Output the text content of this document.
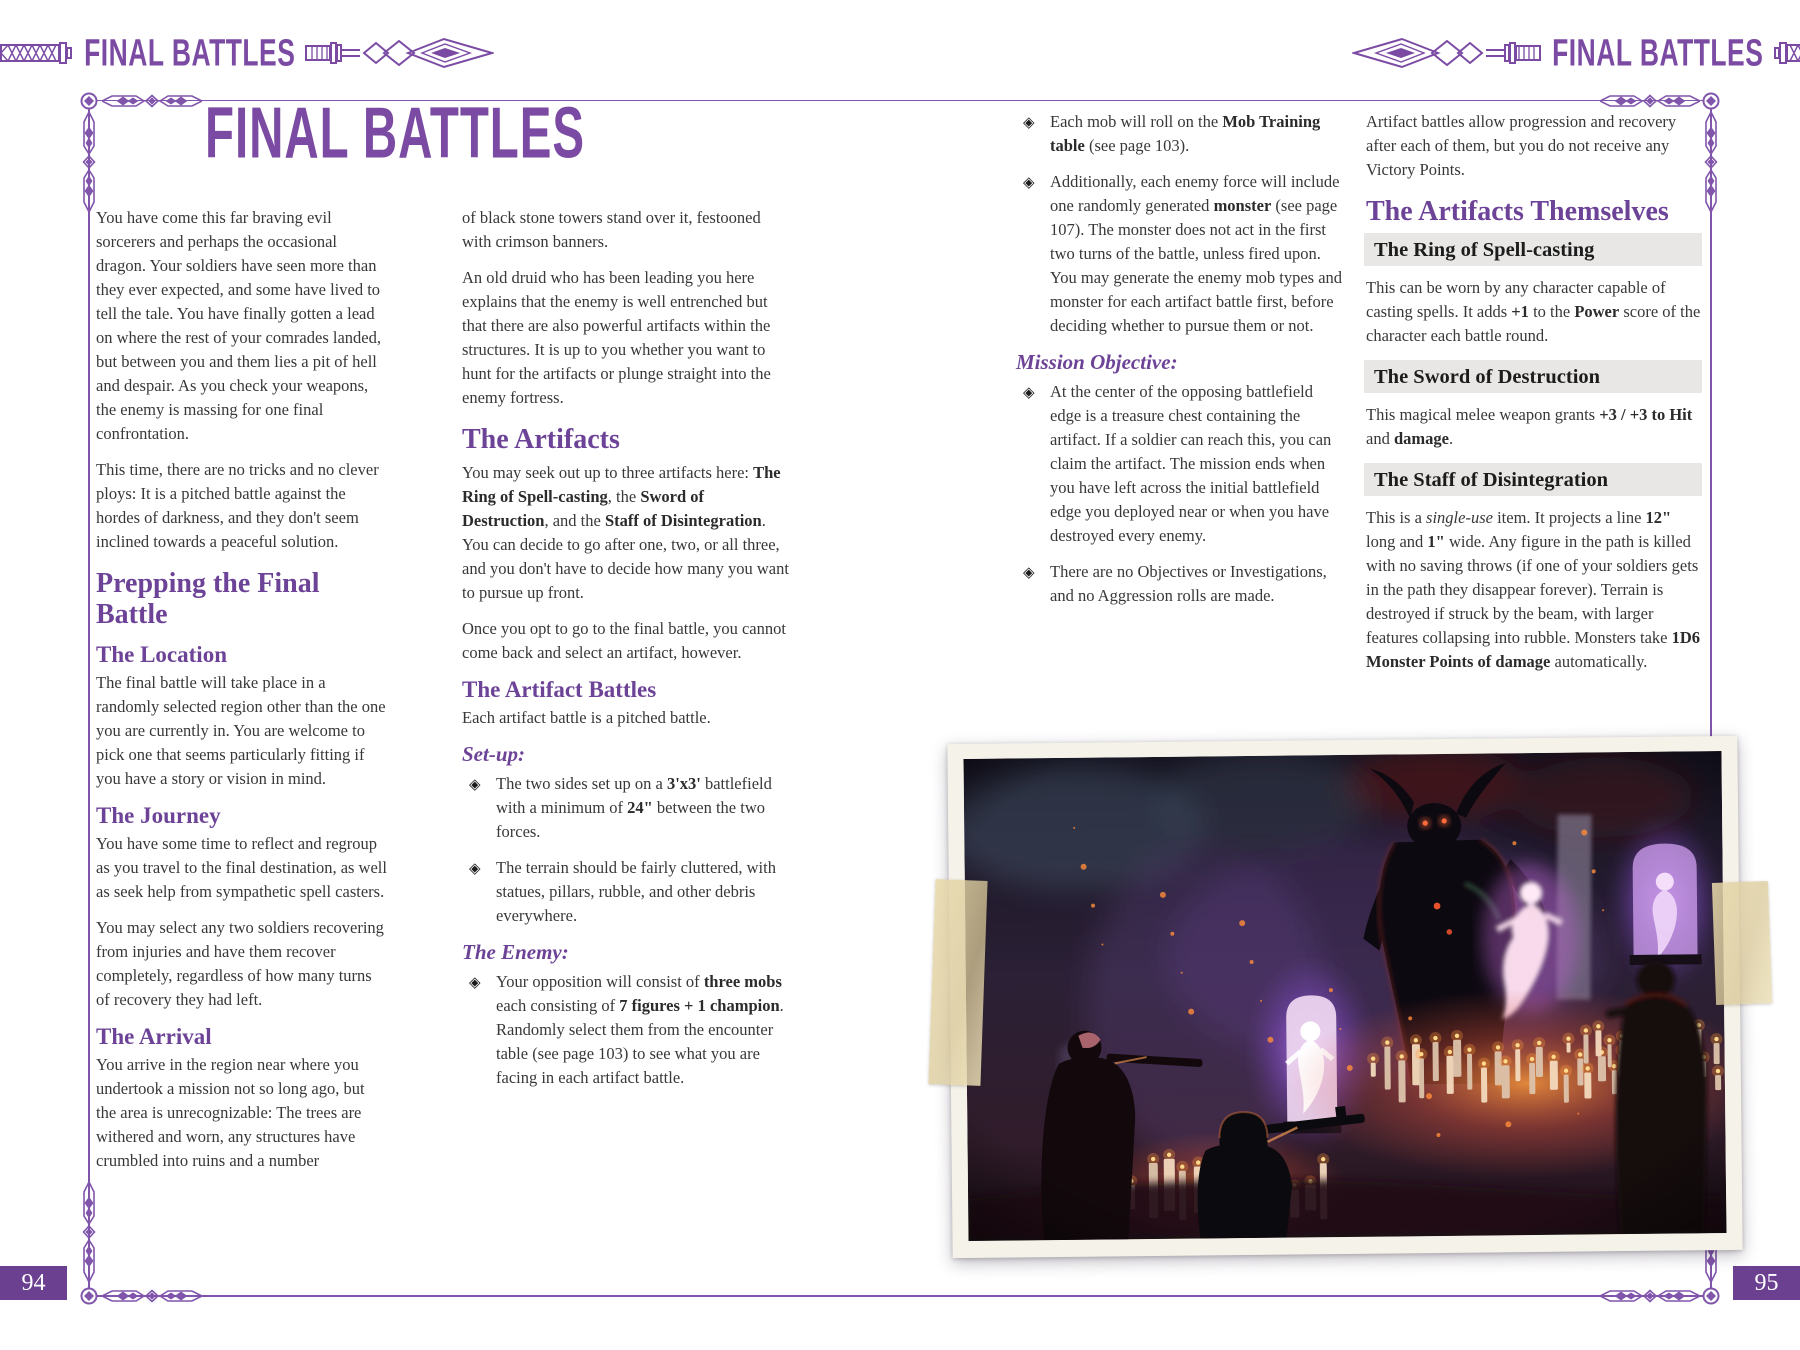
FINAL BATTLES	FINAL BATTLES
FINAL BATTLES

You have come this far braving evil sorcerers and perhaps the occasional dragon. Your soldiers have seen more than they ever expected, and some have lived to tell the tale. You have finally gotten a lead on where the rest of your comrades landed, but between you and them lies a pit of hell and despair. As you check your weapons, the enemy is massing for one final confrontation.

This time, there are no tricks and no clever ploys: It is a pitched battle against the hordes of darkness, and they don't seem inclined towards a peaceful solution.

Prepping the Final Battle
The Location

The final battle will take place in a randomly selected region other than the one you are currently in. You are welcome to pick one that seems particularly fitting if you have a story or vision in mind.

The Journey

You have some time to reflect and regroup as you travel to the final destination, as well as seek help from sympathetic spell casters.

You may select any two soldiers recovering from injuries and have them recover completely, regardless of how many turns of recovery they had left.

The Arrival

You arrive in the region near where you undertook a mission not so long ago, but the area is unrecognizable: The trees are withered and worn, any structures have crumbled into ruins and a number

of black stone towers stand over it, festooned with crimson banners.

An old druid who has been leading you here explains that the enemy is well entrenched but that there are also powerful artifacts within the structures. It is up to you whether you want to hunt for the artifacts or plunge straight into the enemy fortress.

The Artifacts

You may seek out up to three artifacts here: The Ring of Spell-casting, the Sword of Destruction, and the Staff of Disintegration. You can decide to go after one, two, or all three, and you don't have to decide how many you want to pursue up front.

Once you opt to go to the final battle, you cannot come back and select an artifact, however.

The Artifact Battles

Each artifact battle is a pitched battle.

Set-up:
◈ The two sides set up on a 3'x3' battlefield with a minimum of 24" between the two forces.
◈ The terrain should be fairly cluttered, with statues, pillars, rubble, and other debris everywhere.
The Enemy:
◈ Your opposition will consist of three mobs each consisting of 7 figures + 1 champion. Randomly select them from the encounter table (see page 103) to see what you are facing in each artifact battle.
◈ Each mob will roll on the Mob Training table (see page 103).
◈ Additionally, each enemy force will include one randomly generated monster (see page 107). The monster does not act in the first two turns of the battle, unless fired upon. You may generate the enemy mob types and monster for each artifact battle first, before deciding whether to pursue them or not.
Mission Objective:
◈ At the center of the opposing battlefield edge is a treasure chest containing the artifact. If a soldier can reach this, you can claim the artifact. The mission ends when you have left across the initial battlefield edge you deployed near or when you have destroyed every enemy.
◈ There are no Objectives or Investigations, and no Aggression rolls are made.

Artifact battles allow progression and recovery after each of them, but you do not receive any Victory Points.

The Artifacts Themselves
The Ring of Spell-casting

This can be worn by any character capable of casting spells. It adds +1 to the Power score of the character each battle round.

The Sword of Destruction

This magical melee weapon grants +3 / +3 to Hit and damage.

The Staff of Disintegration

This is a single-use item. It projects a line 12" long and 1" wide. Any figure in the path is killed with no saving throws (if one of your soldiers gets in the path they disappear forever). Terrain is destroyed if struck by the beam, with larger features collapsing into rubble. Monsters take 1D6 Monster Points of damage automatically.

94	95
